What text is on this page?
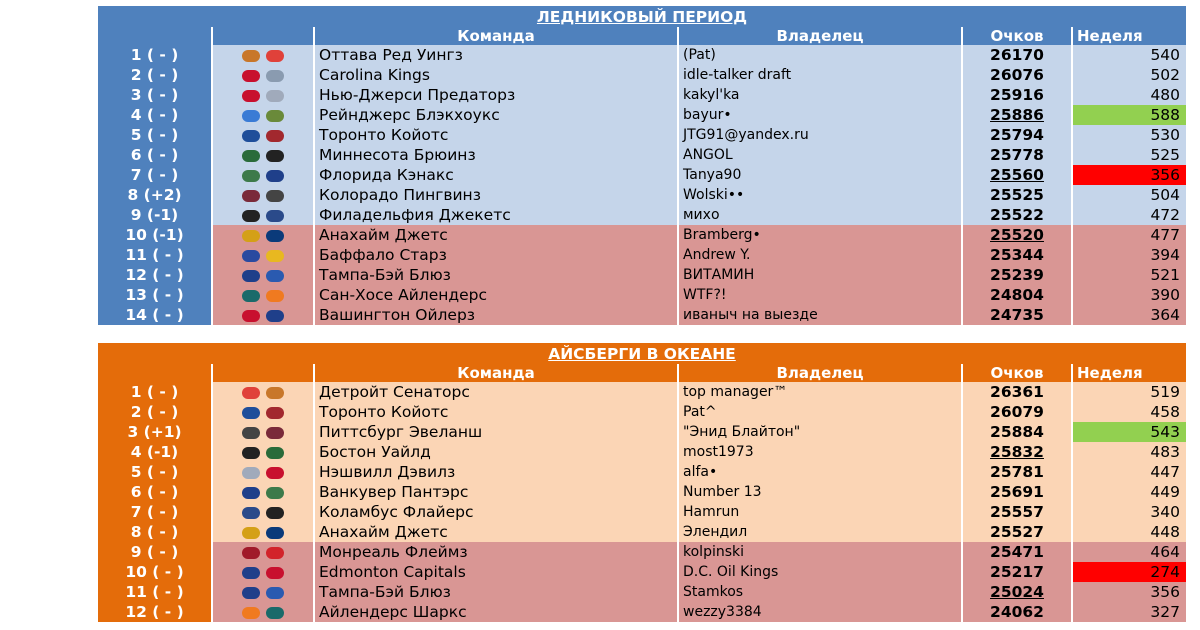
ЛЕДНИКОВЫЙ ПЕРИОД					
		Команда	Владелец	Очков	Неделя
1 ( - )		Оттава Ред Уингз	(Pat)	26170	540
2 ( - )		Carolina Kings	idle-talker draft	26076	502
3 ( - )		Нью-Джерси Предаторз	kakyl'ka	25916	480
4 ( - )		Рейнджерс Блэкхоукс	bayur•	25886	588
5 ( - )		Торонто Койотс	JTG91@yandex.ru	25794	530
6 ( - )		Миннесота Брюинз	ANGOL	25778	525
7 ( - )		Флорида Кэнакс	Tanya90	25560	356
8 (+2)		Колорадо Пингвинз	Wolski••	25525	504
9 (-1)		Филадельфия Джекетс	михо	25522	472
10 (-1)		Анахайм Джетс	Bramberg•	25520	477
11 ( - )		Баффало Старз	Andrew Y.	25344	394
12 ( - )		Тампа-Бэй Блюз	ВИТАМИН	25239	521
13 ( - )		Сан-Хосе Айлендерс	WTF?!	24804	390
14 ( - )		Вашингтон Ойлерз	иваныч на выезде	24735	364
АЙСБЕРГИ В ОКЕАНЕ					
		Команда	Владелец	Очков	Неделя
1 ( - )		Детройт Сенаторс	top manager™	26361	519
2 ( - )		Торонто Койотс	Pat^	26079	458
3 (+1)		Питтсбург Эвеланш	"Энид Блайтон"	25884	543
4 (-1)		Бостон Уайлд	most1973	25832	483
5 ( - )		Нэшвилл Дэвилз	alfa•	25781	447
6 ( - )		Ванкувер Пантэрс	Number 13	25691	449
7 ( - )		Коламбус Флайерс	Hamrun	25557	340
8 ( - )		Анахайм Джетс	Элендил	25527	448
9 ( - )		Монреаль Флеймз	kolpinski	25471	464
10 ( - )		Edmonton Capitals	D.C. Oil Kings	25217	274
11 ( - )		Тампа-Бэй Блюз	Stamkos	25024	356
12 ( - )		Айлендерс Шаркс	wezzy3384	24062	327
